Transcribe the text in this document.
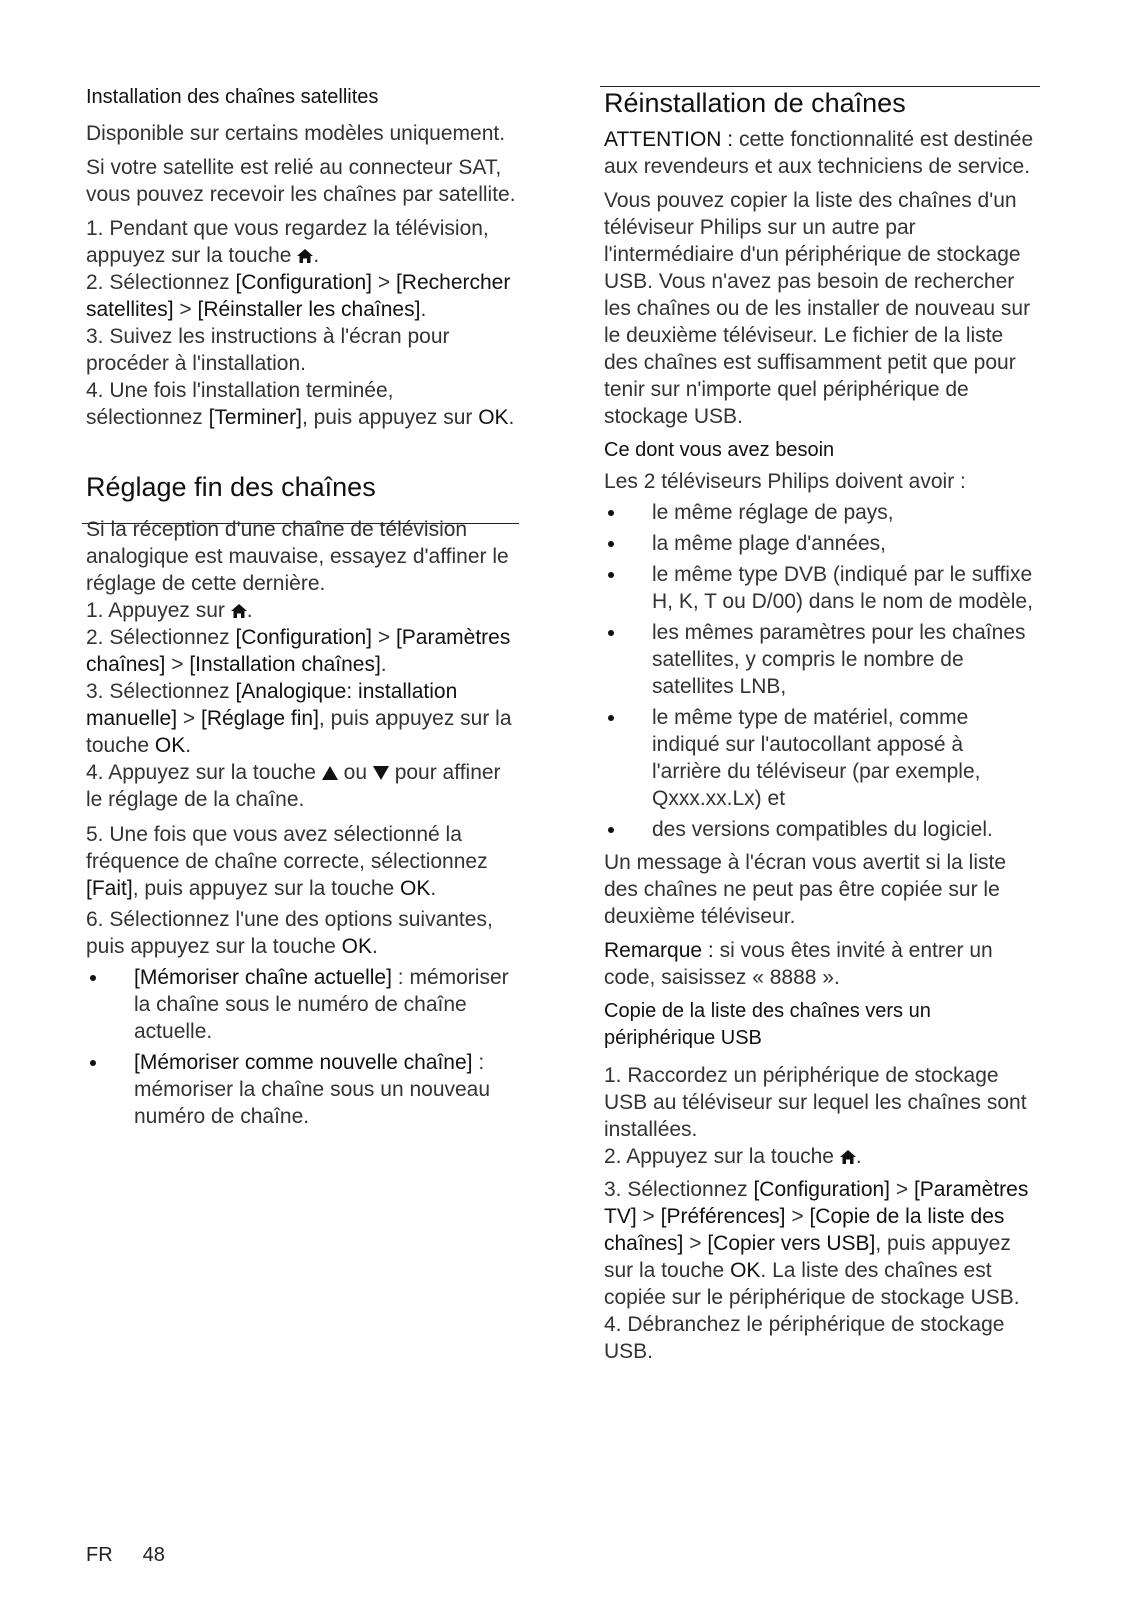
Installation des chaînes satellites

Disponible sur certains modèles uniquement.

Si votre satellite est relié au connecteur SAT, vous pouvez recevoir les chaînes par satellite.

1. Pendant que vous regardez la télévision, appuyez sur la touche .
2. Sélectionnez [Configuration] > [Rechercher satellites] > [Réinstaller les chaînes].
3. Suivez les instructions à l'écran pour procéder à l'installation.
4. Une fois l'installation terminée, sélectionnez [Terminer], puis appuyez sur OK.
Réglage fin des chaînes
Si la réception d'une chaîne de télévision analogique est mauvaise, essayez d'affiner le réglage de cette dernière.
1. Appuyez sur .
2. Sélectionnez [Configuration] > [Paramètres chaînes] > [Installation chaînes].
3. Sélectionnez [Analogique: installation manuelle] > [Réglage fin], puis appuyez sur la touche OK.
4. Appuyez sur la touche  ou  pour affiner le réglage de la chaîne.
5. Une fois que vous avez sélectionné la fréquence de chaîne correcte, sélectionnez [Fait], puis appuyez sur la touche OK.
6. Sélectionnez l'une des options suivantes, puis appuyez sur la touche OK.
[Mémoriser chaîne actuelle] : mémoriser la chaîne sous le numéro de chaîne actuelle.
[Mémoriser comme nouvelle chaîne] : mémoriser la chaîne sous un nouveau numéro de chaîne.
Réinstallation de chaînes

ATTENTION : cette fonctionnalité est destinée aux revendeurs et aux techniciens de service.

Vous pouvez copier la liste des chaînes d'un téléviseur Philips sur un autre par l'intermédiaire d'un périphérique de stockage USB. Vous n'avez pas besoin de rechercher les chaînes ou de les installer de nouveau sur le deuxième téléviseur. Le fichier de la liste des chaînes est suffisamment petit que pour tenir sur n'importe quel périphérique de stockage USB.

Ce dont vous avez besoin
Les 2 téléviseurs Philips doivent avoir :
le même réglage de pays,
la même plage d'années,
le même type DVB (indiqué par le suffixe H, K, T ou D/00) dans le nom de modèle,
les mêmes paramètres pour les chaînes satellites, y compris le nombre de satellites LNB,
le même type de matériel, comme indiqué sur l'autocollant apposé à l'arrière du téléviseur (par exemple, Qxxx.xx.Lx) et
des versions compatibles du logiciel.

Un message à l'écran vous avertit si la liste des chaînes ne peut pas être copiée sur le deuxième téléviseur.

Remarque : si vous êtes invité à entrer un code, saisissez « 8888 ».

Copie de la liste des chaînes vers un périphérique USB
1. Raccordez un périphérique de stockage USB au téléviseur sur lequel les chaînes sont installées.
2. Appuyez sur la touche .
3. Sélectionnez [Configuration] > [Paramètres TV] > [Préférences] > [Copie de la liste des chaînes] > [Copier vers USB], puis appuyez sur la touche OK. La liste des chaînes est copiée sur le périphérique de stockage USB.
4. Débranchez le périphérique de stockage USB.
FR 48
